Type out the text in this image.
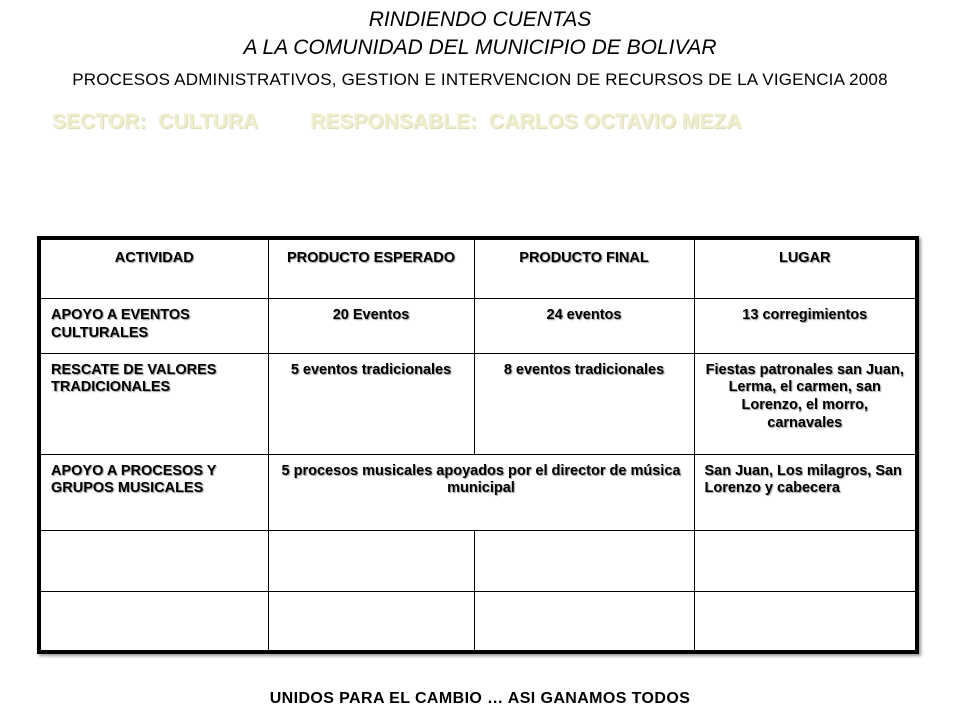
RINDIENDO CUENTAS
A LA COMUNIDAD DEL MUNICIPIO DE BOLIVAR
PROCESOS ADMINISTRATIVOS, GESTION E INTERVENCION DE RECURSOS DE LA VIGENCIA 2008
SECTOR: CULTURA RESPONSABLE: CARLOS OCTAVIO MEZA
ACTIVIDAD	PRODUCTO ESPERADO	PRODUCTO FINAL	LUGAR
APOYO A EVENTOS CULTURALES	20 Eventos	24 eventos	13 corregimientos
RESCATE DE VALORES TRADICIONALES	5 eventos tradicionales	8 eventos tradicionales	Fiestas patronales san Juan, Lerma, el carmen, san Lorenzo, el morro, carnavales
APOYO A PROCESOS Y GRUPOS MUSICALES	5 procesos musicales apoyados por el director de música municipal		San Juan, Los milagros, San Lorenzo y cabecera

UNIDOS PARA EL CAMBIO … ASI GANAMOS TODOS
